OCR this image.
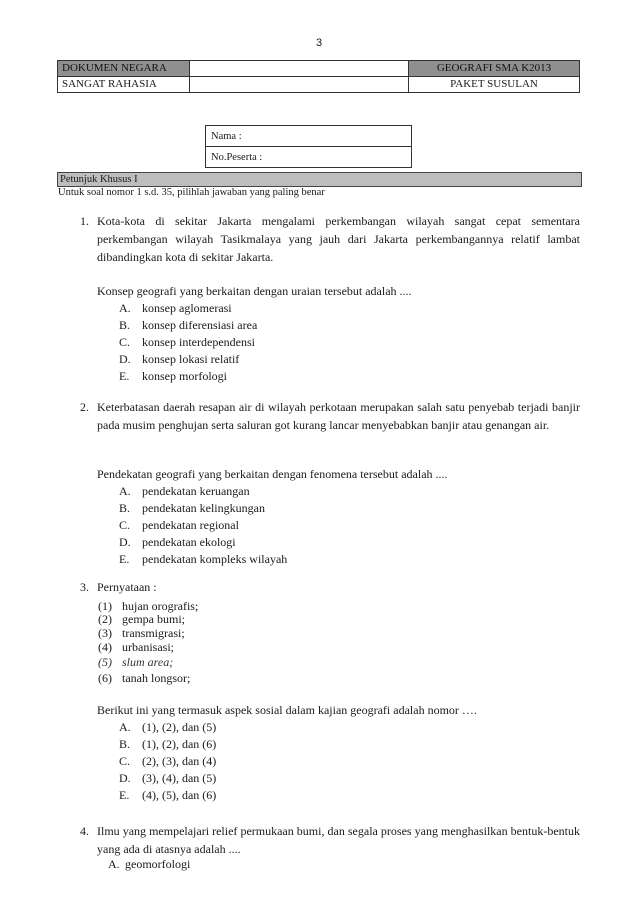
3
DOKUMEN NEGARA		GEOGRAFI SMA K2013
SANGAT RAHASIA		PAKET SUSULAN
Nama :
No.Peserta :
Petunjuk Khusus I
Untuk soal nomor 1 s.d. 35, pilihlah jawaban yang paling benar
1. Kota-kota di sekitar Jakarta mengalami perkembangan wilayah sangat cepat sementara perkembangan wilayah Tasikmalaya yang jauh dari Jakarta perkembangannya relatif lambat dibandingkan kota di sekitar Jakarta.
Konsep geografi yang berkaitan dengan uraian tersebut adalah ....
A. konsep aglomerasi
B. konsep diferensiasi area
C. konsep interdependensi
D. konsep lokasi relatif
E. konsep morfologi
2. Keterbatasan daerah resapan air di wilayah perkotaan merupakan salah satu penyebab terjadi banjir pada musim penghujan serta saluran got kurang lancar menyebabkan banjir atau genangan air.
Pendekatan geografi yang berkaitan dengan fenomena tersebut adalah ....
A. pendekatan keruangan
B. pendekatan kelingkungan
C. pendekatan regional
D. pendekatan ekologi
E. pendekatan kompleks wilayah
3. Pernyataan :
(1) hujan orografis;
(2) gempa bumi;
(3) transmigrasi;
(4) urbanisasi;
(5) slum area;
(6) tanah longsor;
Berikut ini yang termasuk aspek sosial dalam kajian geografi adalah nomor ….
A. (1), (2), dan (5)
B. (1), (2), dan (6)
C. (2), (3), dan (4)
D. (3), (4), dan (5)
E. (4), (5), dan (6)
4. Ilmu yang mempelajari relief permukaan bumi, dan segala proses yang menghasilkan bentuk-bentuk yang ada di atasnya adalah ....
A. geomorfologi
